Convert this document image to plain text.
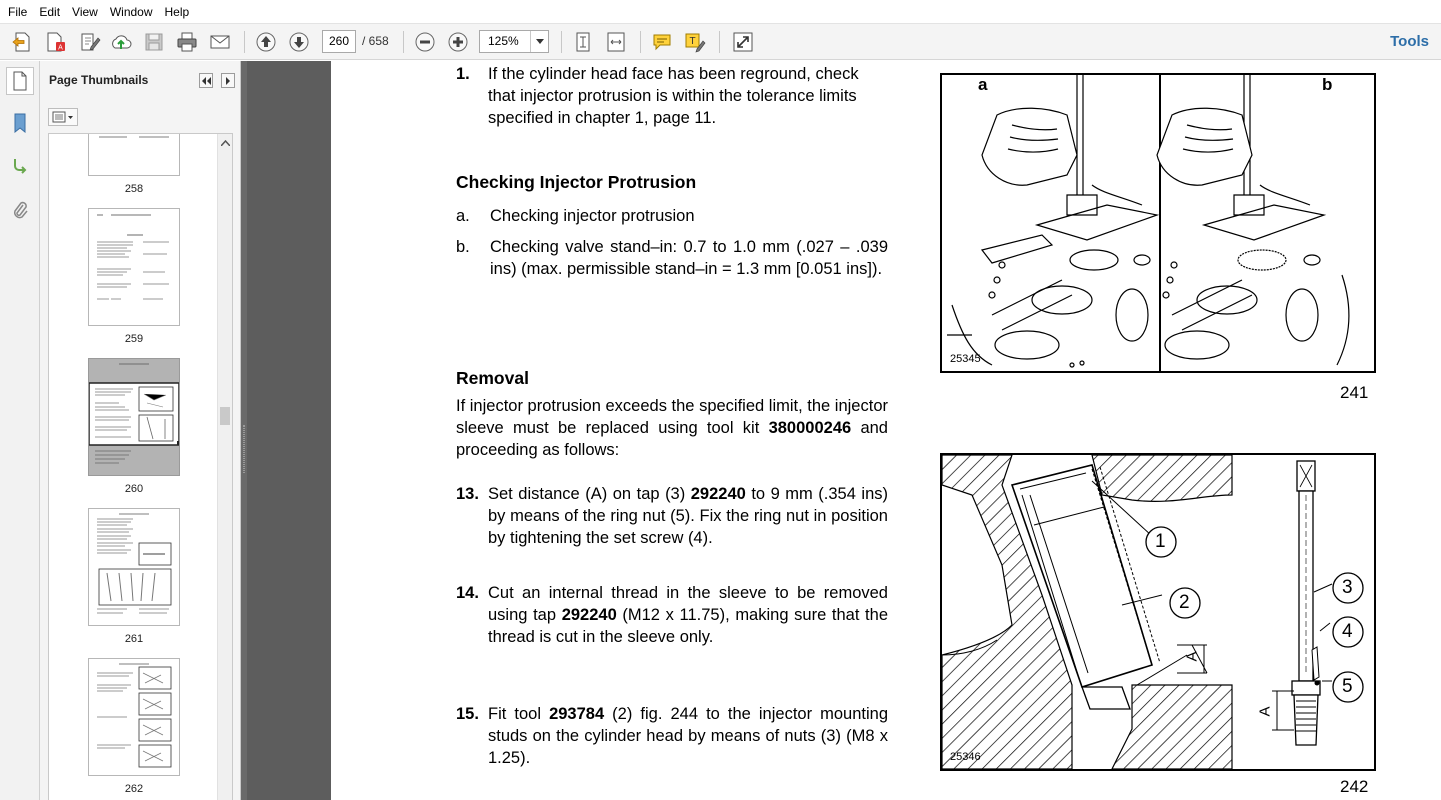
File	Edit	View	Window	Help
A	260	/ 658	125%	T	Tools
Page Thumbnails
258
259
260
261
262
1. If the cylinder head face has been reground, check that injector protrusion is within the tolerance limits specified in chapter 1, page 11.
Checking Injector Protrusion
a. Checking injector protrusion
b. Checking valve stand–in: 0.7 to 1.0 mm (.027 – .039 ins) (max. permissible stand–in = 1.3 mm [0.051 ins]).
Removal
If injector protrusion exceeds the specified limit, the injector sleeve must be replaced using tool kit 380000246 and proceeding as follows:
13. Set distance (A) on tap (3) 292240 to 9 mm (.354 ins) by means of the ring nut (5). Fix the ring nut in position by tightening the set screw (4).
14. Cut an internal thread in the sleeve to be removed using tap 292240 (M12 x 11.75), making sure that the thread is cut in the sleeve only.
15. Fit tool 293784 (2) fig. 244 to the injector mounting studs on the cylinder head by means of nuts (3) (M8 x 1.25).
a	b
25345
241
1
2
3
4
5
A
A
25346
242
